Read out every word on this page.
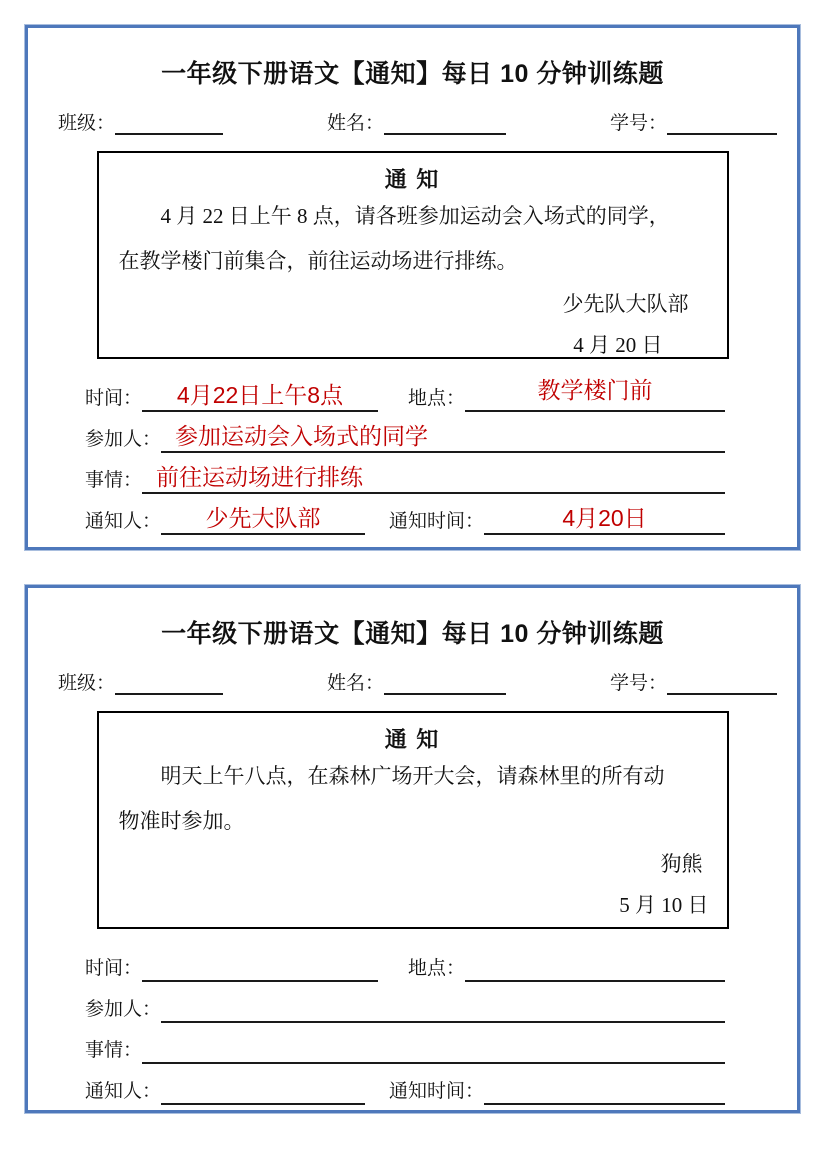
一年级下册语文【通知】每日 10 分钟训练题
班级：	姓名：	学号：
通 知
4 月 22 日上午 8 点，请各班参加运动会入场式的同学，
在教学楼门前集合，前往运动场进行排练。
少先队大队部
4 月 20 日
时间：	4月22日上午8点	地点：	教学楼门前
参加人： 参加运动会入场式的同学
事情： 前往运动场进行排练
通知人：	少先大队部	通知时间：	4月20日
一年级下册语文【通知】每日 10 分钟训练题
班级：	姓名：	学号：
通 知
明天上午八点，在森林广场开大会，请森林里的所有动
物准时参加。
狗熊
5 月 10 日
时间：	地点：
参加人：
事情：
通知人：	通知时间：
